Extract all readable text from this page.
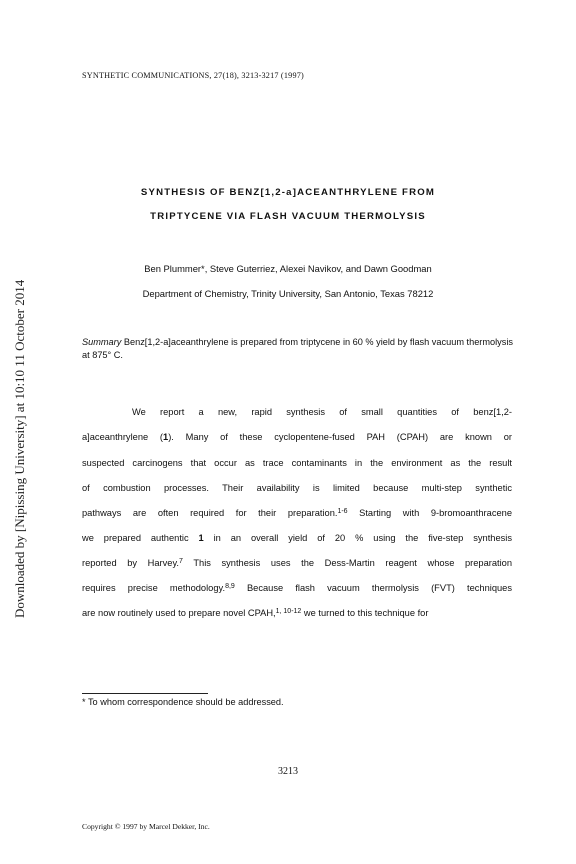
Downloaded by [Nipissing University] at 10:10 11 October 2014

SYNTHETIC COMMUNICATIONS, 27(18), 3213-3217 (1997)

SYNTHESIS OF BENZ[1,2-a]ACEANTHRYLENE FROM

TRIPTYCENE VIA FLASH VACUUM THERMOLYSIS

Ben Plummer*, Steve Guterriez, Alexei Navikov, and Dawn Goodman

Department of Chemistry, Trinity University, San Antonio, Texas 78212

Summary Benz[1,2-a]aceanthrylene is prepared from triptycene in 60 % yield by flash vacuum thermolysis at 875° C.

We report a new, rapid synthesis of small quantities of benz[1,2-

a]aceanthrylene (1). Many of these cyclopentene-fused PAH (CPAH) are known or

suspected carcinogens that occur as trace contaminants in the environment as the result

of combustion processes. Their availability is limited because multi-step synthetic

pathways are often required for their preparation.$^{1-6}$ Starting with 9-bromoanthracene

we prepared authentic 1 in an overall yield of 20 % using the five-step synthesis

reported by Harvey.$^7$ This synthesis uses the Dess-Martin reagent whose preparation

requires precise methodology.$^{8,9}$ Because flash vacuum thermolysis (FVT) techniques

are now routinely used to prepare novel CPAH,$^{1, 10-12}$ we turned to this technique for

* To whom correspondence should be addressed.

3213

Copyright © 1997 by Marcel Dekker, Inc.
